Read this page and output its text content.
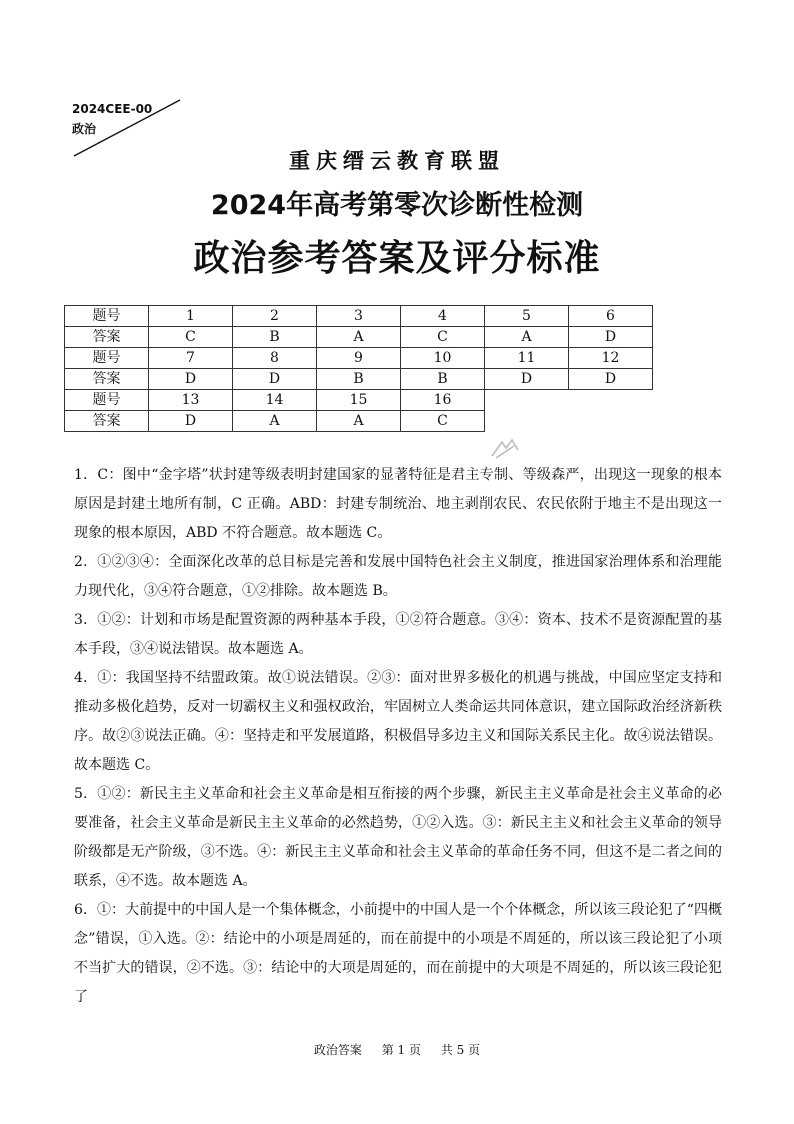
2024CEE-00
政治
重庆缙云教育联盟
2024年高考第零次诊断性检测
政治参考答案及评分标准
题号	1	2	3	4	5	6
答案	C	B	A	C	A	D
题号	7	8	9	10	11	12
答案	D	D	B	B	D	D
题号	13	14	15	16		
答案	D	A	A	C		

1．C：图中“金字塔”状封建等级表明封建国家的显著特征是君主专制、等级森严，出现这一现象的根本原因是封建土地所有制，C 正确。ABD：封建专制统治、地主剥削农民、农民依附于地主不是出现这一现象的根本原因，ABD 不符合题意。故本题选 C。

2．①②③④：全面深化改革的总目标是完善和发展中国特色社会主义制度，推进国家治理体系和治理能力现代化，③④符合题意，①②排除。故本题选 B。

3．①②：计划和市场是配置资源的两种基本手段，①②符合题意。③④：资本、技术不是资源配置的基本手段，③④说法错误。故本题选 A。

4．①：我国坚持不结盟政策。故①说法错误。②③：面对世界多极化的机遇与挑战，中国应坚定支持和推动多极化趋势，反对一切霸权主义和强权政治，牢固树立人类命运共同体意识，建立国际政治经济新秩序。故②③说法正确。④：坚持走和平发展道路，积极倡导多边主义和国际关系民主化。故④说法错误。故本题选 C。

5．①②：新民主主义革命和社会主义革命是相互衔接的两个步骤，新民主主义革命是社会主义革命的必要准备，社会主义革命是新民主主义革命的必然趋势，①②入选。③：新民主主义和社会主义革命的领导阶级都是无产阶级，③不选。④：新民主主义革命和社会主义革命的革命任务不同，但这不是二者之间的联系，④不选。故本题选 A。

6．①：大前提中的中国人是一个集体概念，小前提中的中国人是一个个体概念，所以该三段论犯了“四概念”错误，①入选。②：结论中的小项是周延的，而在前提中的小项是不周延的，所以该三段论犯了小项不当扩大的错误，②不选。③：结论中的大项是周延的，而在前提中的大项是不周延的，所以该三段论犯了

政治答案 第 1 页 共 5 页
